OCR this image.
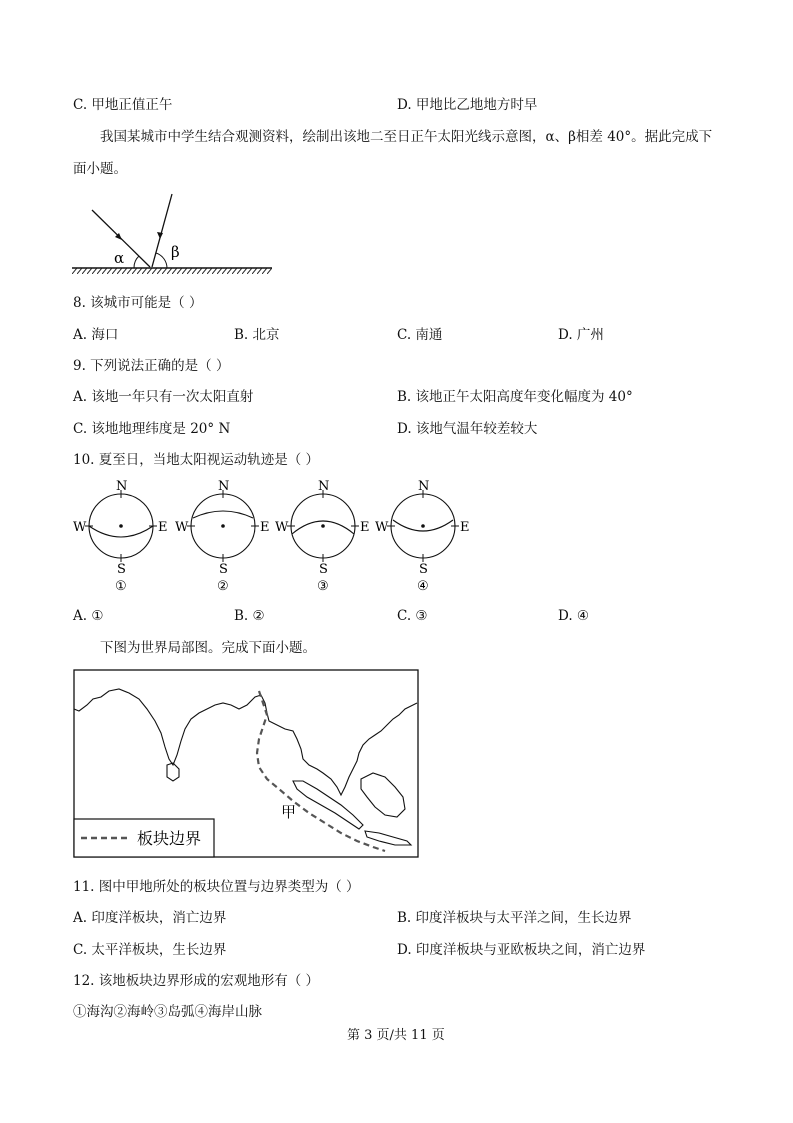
C. 甲地正值正午	D. 甲地比乙地地方时早
我国某城市中学生结合观测资料，绘制出该地二至日正午太阳光线示意图，α、β相差 40°。据此完成下
面小题。
α	β
8. 该城市可能是（ ）
A. 海口	B. 北京	C. 南通	D. 广州
9. 下列说法正确的是（ ）
A. 该地一年只有一次太阳直射	B. 该地正午太阳高度年变化幅度为 40°
C. 该地地理纬度是 20° N	D. 该地气温年较差较大
10. 夏至日，当地太阳视运动轨迹是（ ）
N
S
W	E
①
N
S
W	E
②
N
S
W	E
③
N
S
W	E
④
A. ①	B. ②	C. ③	D. ④
下图为世界局部图。完成下面小题。
甲
板块边界
11. 图中甲地所处的板块位置与边界类型为（ ）
A. 印度洋板块，消亡边界	B. 印度洋板块与太平洋之间，生长边界
C. 太平洋板块，生长边界	D. 印度洋板块与亚欧板块之间，消亡边界
12. 该地板块边界形成的宏观地形有（ ）
①海沟②海岭③岛弧④海岸山脉
第 3 页/共 11 页
